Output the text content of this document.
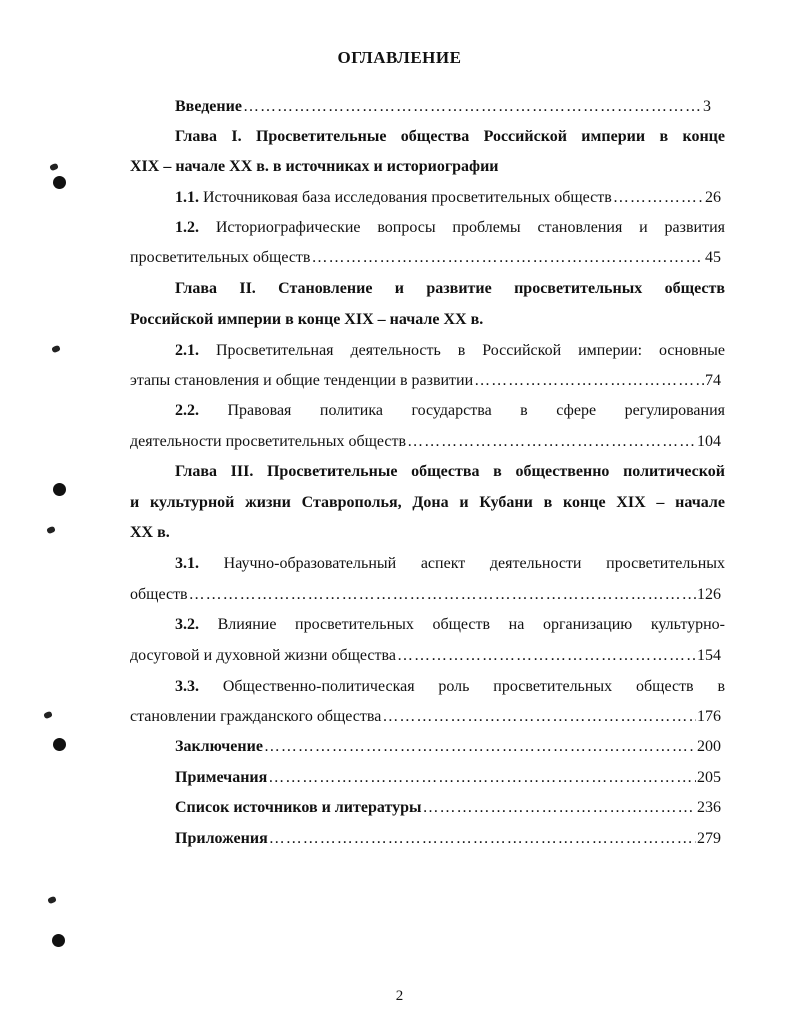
ОГЛАВЛЕНИЕ
Введение ……………………………………………………………………………………………………………………………………………………………………………………………………………	3
Глава I. Просветительные общества Российской империи в конце
XIX – начале XX в. в источниках и историографии
1.1.
Источниковая база исследования просветительных обществ ……………………………………………………………………………………………………………………………………………………………………………………………………………	26
1.2. Историографические вопросы проблемы становления и развития
просветительных обществ ……………………………………………………………………………………………………………………………………………………………………………………………………………	45
Глава II. Становление и развитие просветительных обществ
Российской империи в конце XIX – начале XX в.
2.1. Просветительная деятельность в Российской империи: основные
этапы становления и общие тенденции в развитии ……………………………………………………………………………………………………………………………………………………………………………………………………………	74
2.2. Правовая политика государства в сфере регулирования
деятельности просветительных обществ ……………………………………………………………………………………………………………………………………………………………………………………………………………	104
Глава III. Просветительные общества в общественно политической
и культурной жизни Ставрополья, Дона и Кубани в конце XIX – начале
XX в.
3.1. Научно-образовательный аспект деятельности просветительных
обществ ……………………………………………………………………………………………………………………………………………………………………………………………………………	126
3.2. Влияние просветительных обществ на организацию культурно-
досуговой и духовной жизни общества ……………………………………………………………………………………………………………………………………………………………………………………………………………	154
3.3. Общественно-политическая роль просветительных обществ в
становлении гражданского общества ……………………………………………………………………………………………………………………………………………………………………………………………………………	176
Заключение ……………………………………………………………………………………………………………………………………………………………………………………………………………	200
Примечания ……………………………………………………………………………………………………………………………………………………………………………………………………………	205
Список источников и литературы ……………………………………………………………………………………………………………………………………………………………………………………………………………	236
Приложения ……………………………………………………………………………………………………………………………………………………………………………………………………………	279
2
